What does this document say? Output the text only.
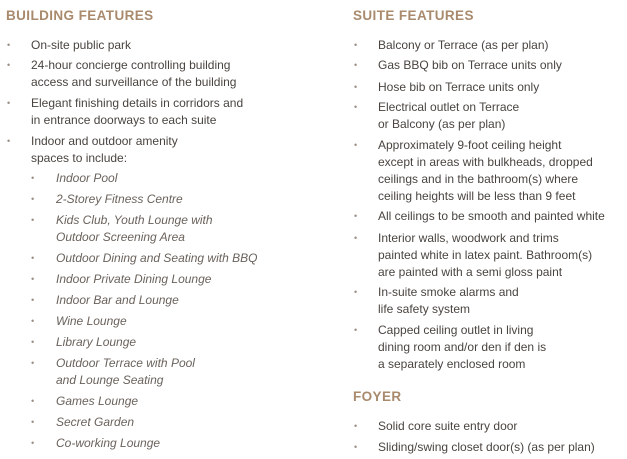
BUILDING FEATURES
• On-site public park
• 24-hour concierge controlling building
access and surveillance of the building
• Elegant finishing details in corridors and
in entrance doorways to each suite
• Indoor and outdoor amenity
spaces to include:
• Indoor Pool
• 2-Storey Fitness Centre
• Kids Club, Youth Lounge with
Outdoor Screening Area
• Outdoor Dining and Seating with BBQ
• Indoor Private Dining Lounge
• Indoor Bar and Lounge
• Wine Lounge
• Library Lounge
• Outdoor Terrace with Pool
and Lounge Seating
• Games Lounge
• Secret Garden
• Co-working Lounge
SUITE FEATURES
• Balcony or Terrace (as per plan)
• Gas BBQ bib on Terrace units only
• Hose bib on Terrace units only
• Electrical outlet on Terrace
or Balcony (as per plan)
• Approximately 9-foot ceiling height
except in areas with bulkheads, dropped
ceilings and in the bathroom(s) where
ceiling heights will be less than 9 feet
• All ceilings to be smooth and painted white
• Interior walls, woodwork and trims
painted white in latex paint. Bathroom(s)
are painted with a semi gloss paint
• In-suite smoke alarms and
life safety system
• Capped ceiling outlet in living
dining room and/or den if den is
a separately enclosed room
FOYER
• Solid core suite entry door
• Sliding/swing closet door(s) (as per plan)
